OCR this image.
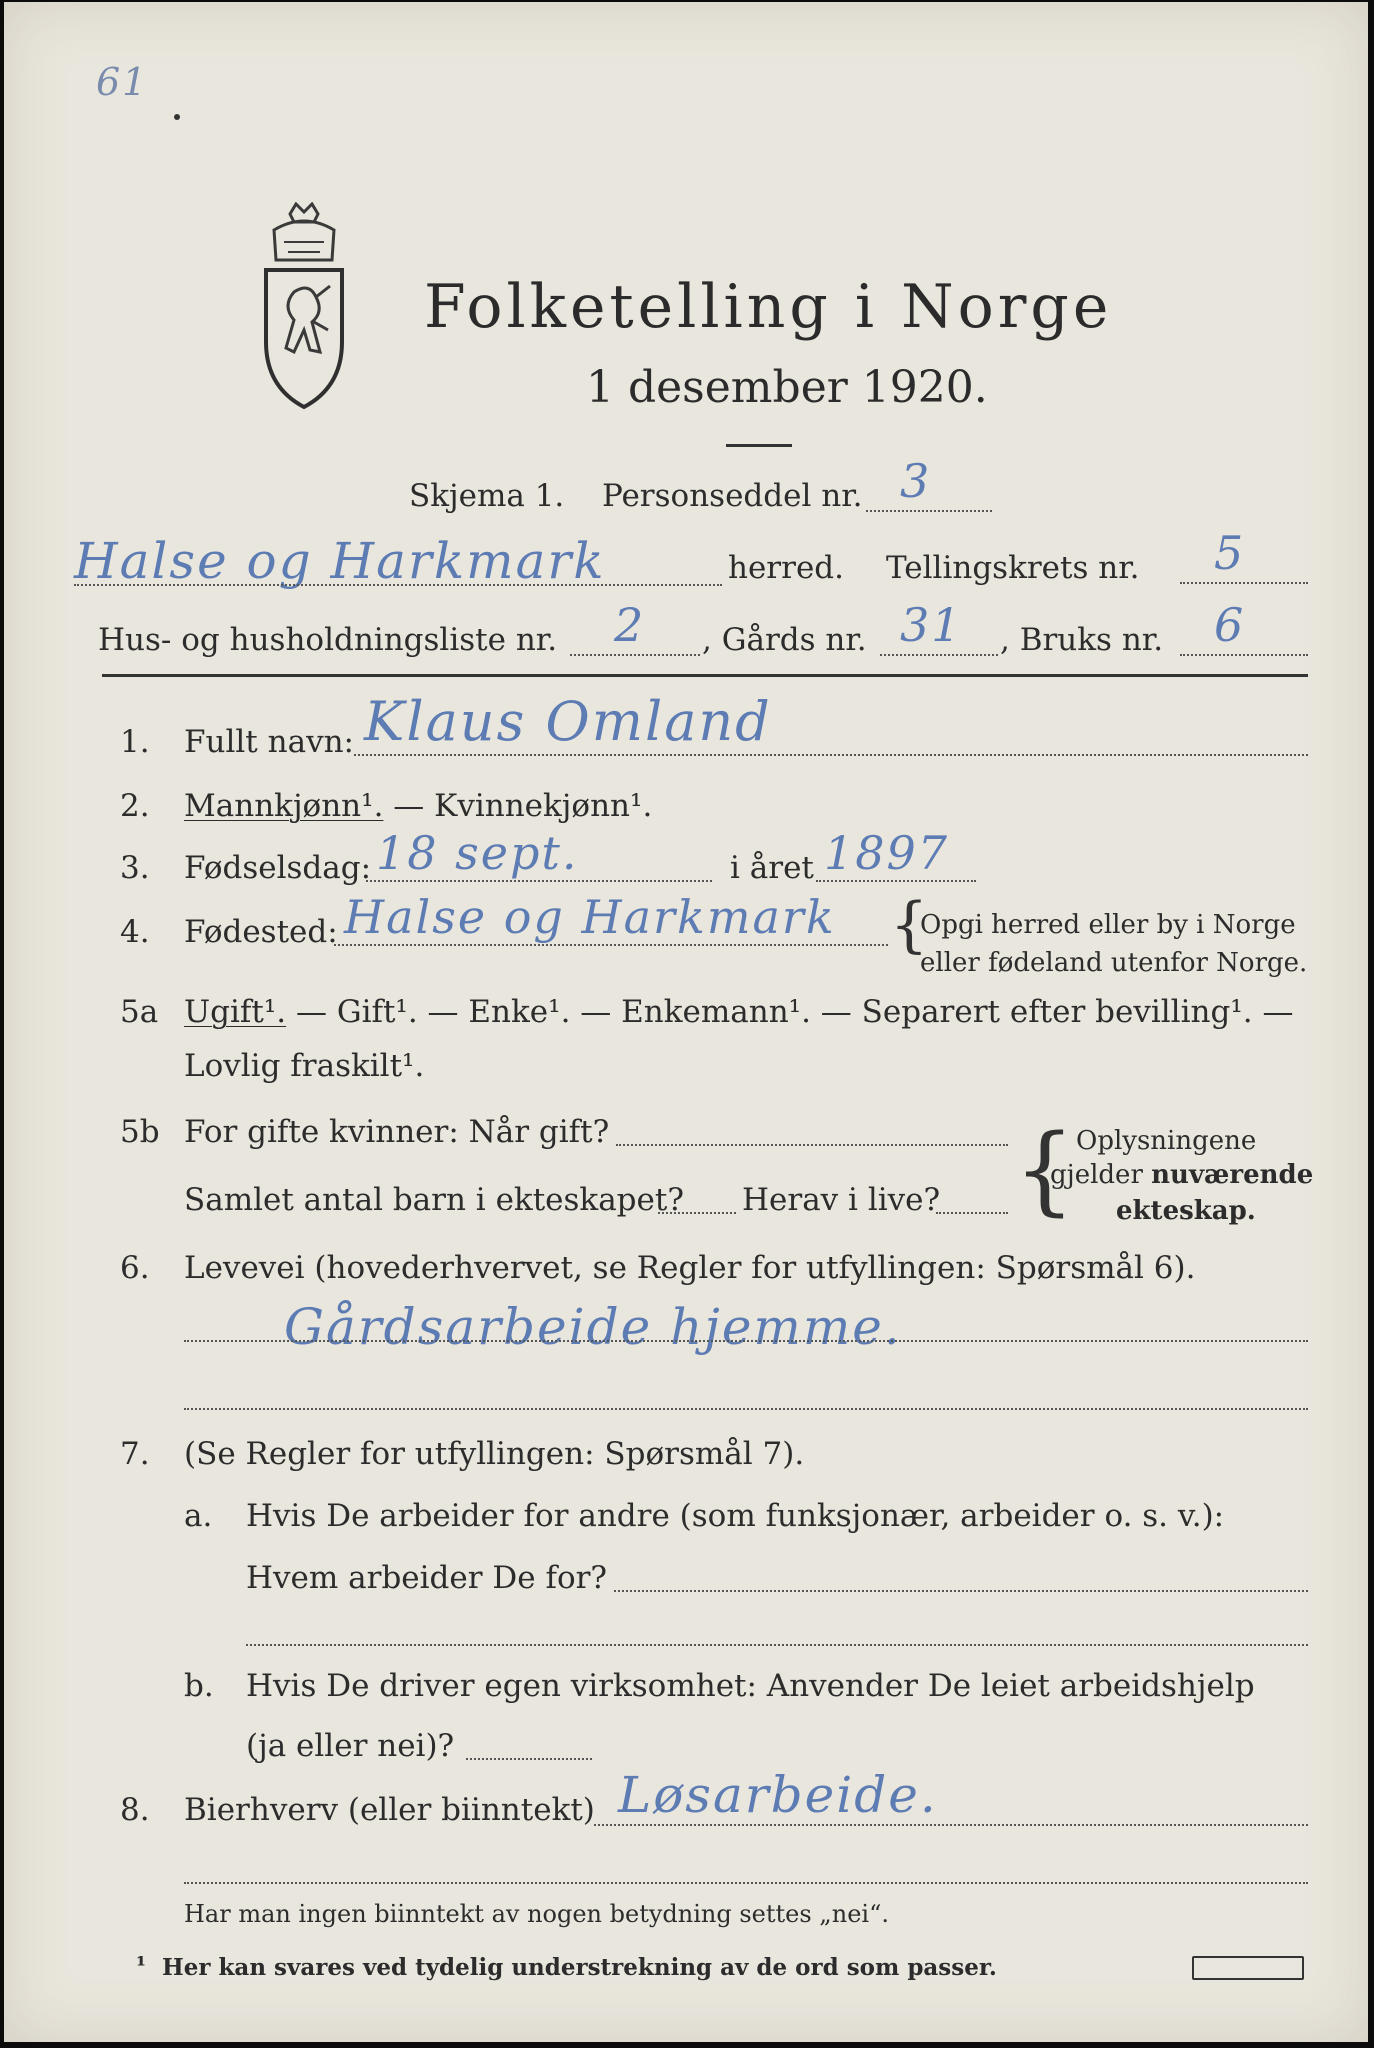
61
Folketelling i Norge
1 desember 1920.
Skjema 1. Personseddel nr. 3
Halse og Harkmark	herred. Tellingskrets nr. 5
Hus- og husholdningsliste nr. 2 , Gårds nr. 31 , Bruks nr. 6
1. Fullt navn: Klaus Omland
2. Mannkjønn¹. — Kvinnekjønn¹.
3. Fødselsdag: 18 sept.	i året 1897
4. Fødested: Halse og Harkmark {
Opgi herred eller by i Norge
eller fødeland utenfor Norge.
5a Ugift¹. — Gift¹. — Enke¹. — Enkemann¹. — Separert efter bevilling¹. —
Lovlig fraskilt¹.
5b For gifte kvinner: Når gift?
Samlet antal barn i ekteskapet? Herav i live? { Oplysningene
gjelder nuværende
ekteskap.
6. Levevei (hovederhvervet, se Regler for utfyllingen: Spørsmål 6).
Gårdsarbeide hjemme.
7. (Se Regler for utfyllingen: Spørsmål 7).
a. Hvis De arbeider for andre (som funksjonær, arbeider o. s. v.):
Hvem arbeider De for?
b. Hvis De driver egen virksomhet: Anvender De leiet arbeidshjelp
(ja eller nei)?
8. Bierhverv (eller biinntekt) Løsarbeide.
Har man ingen biinntekt av nogen betydning settes „nei“.
¹ Her kan svares ved tydelig understrekning av de ord som passer.
